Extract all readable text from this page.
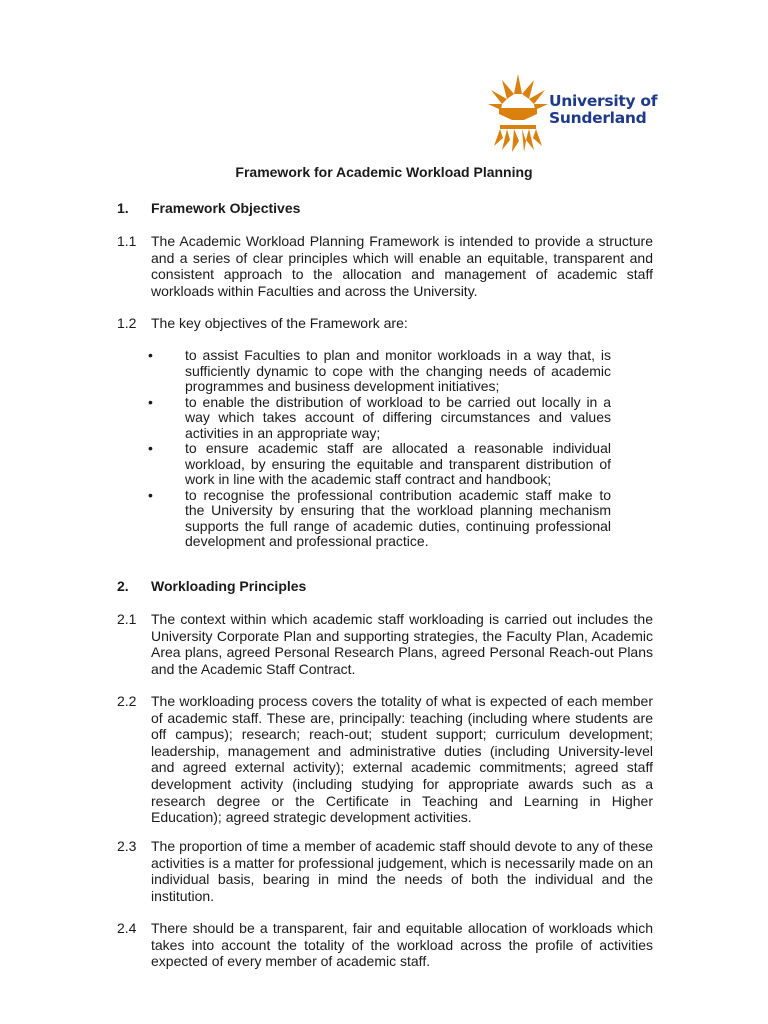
University of
Sunderland
Framework for Academic Workload Planning
1. Framework Objectives
1.1 The Academic Workload Planning Framework is intended to provide a structure and a series of clear principles which will enable an equitable, transparent and consistent approach to the allocation and management of academic staff workloads within Faculties and across the University.
1.2 The key objectives of the Framework are:
• to assist Faculties to plan and monitor workloads in a way that, is sufficiently dynamic to cope with the changing needs of academic programmes and business development initiatives;
• to enable the distribution of workload to be carried out locally in a way which takes account of differing circumstances and values activities in an appropriate way;
• to ensure academic staff are allocated a reasonable individual workload, by ensuring the equitable and transparent distribution of work in line with the academic staff contract and handbook;
• to recognise the professional contribution academic staff make to the University by ensuring that the workload planning mechanism supports the full range of academic duties, continuing professional development and professional practice.
2. Workloading Principles
2.1 The context within which academic staff workloading is carried out includes the University Corporate Plan and supporting strategies, the Faculty Plan, Academic Area plans, agreed Personal Research Plans, agreed Personal Reach-out Plans and the Academic Staff Contract.
2.2 The workloading process covers the totality of what is expected of each member of academic staff. These are, principally: teaching (including where students are off campus); research; reach-out; student support; curriculum development; leadership, management and administrative duties (including University-level and agreed external activity); external academic commitments; agreed staff development activity (including studying for appropriate awards such as a research degree or the Certificate in Teaching and Learning in Higher Education); agreed strategic development activities.
2.3 The proportion of time a member of academic staff should devote to any of these activities is a matter for professional judgement, which is necessarily made on an individual basis, bearing in mind the needs of both the individual and the institution.
2.4 There should be a transparent, fair and equitable allocation of workloads which takes into account the totality of the workload across the profile of activities expected of every member of academic staff.
